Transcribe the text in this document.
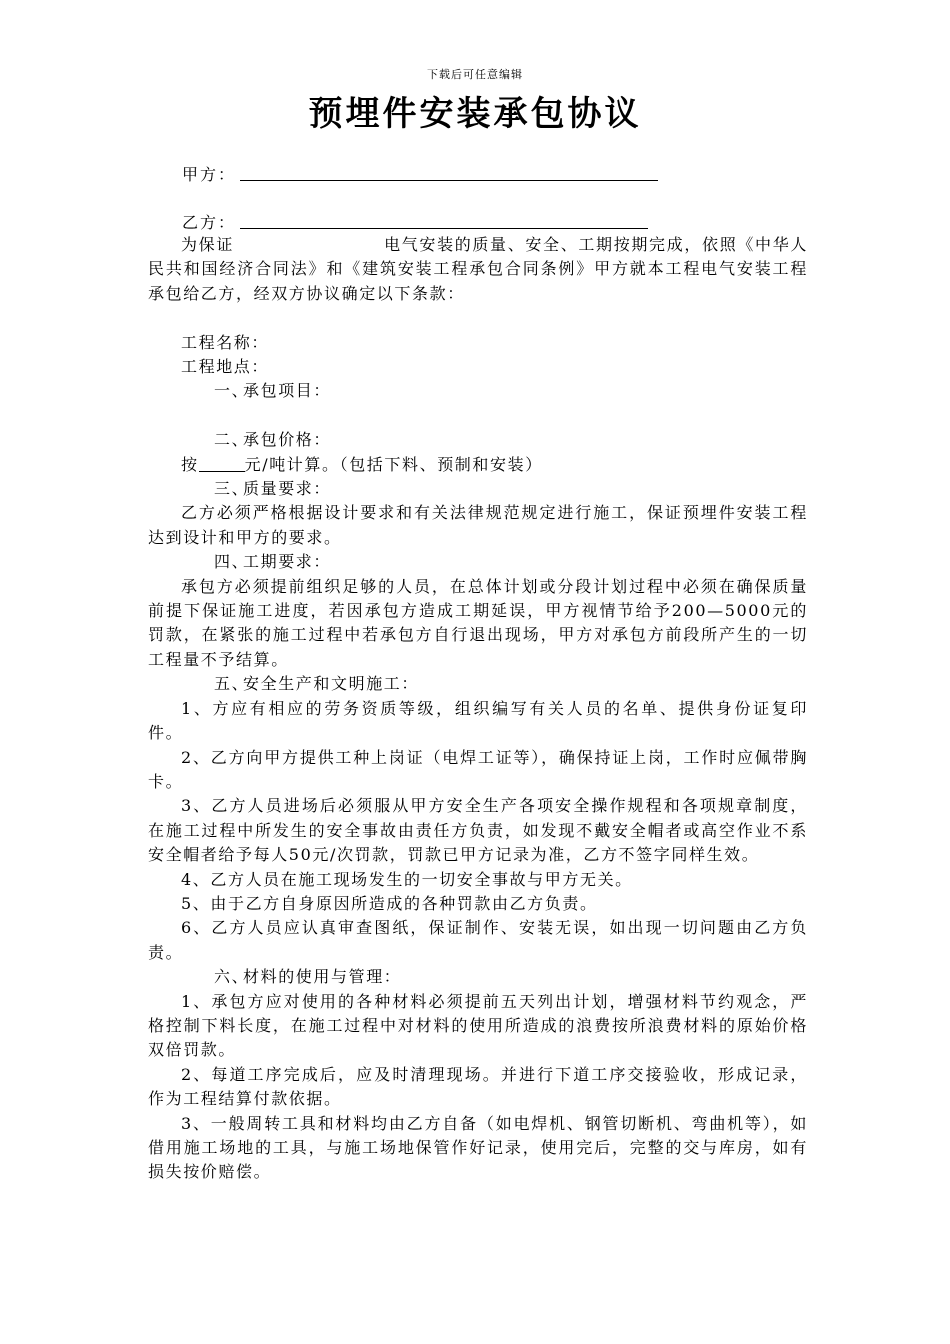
下载后可任意编辑
预埋件安装承包协议
甲方：
乙方：

为保证	电气安装的质量、安全、工期按期完成，依照《中华人民共和国经济合同法》和《建筑安装工程承包合同条例》甲方就本工程电气安装工程承包给乙方，经双方协议确定以下条款：

工程名称：

工程地点：

一、承包项目：

二、承包价格：

按	元/吨计算。（包括下料、预制和安装）

三、质量要求：

乙方必须严格根据设计要求和有关法律规范规定进行施工，保证预埋件安装工程达到设计和甲方的要求。

四、工期要求：

承包方必须提前组织足够的人员，在总体计划或分段计划过程中必须在确保质量前提下保证施工进度，若因承包方造成工期延误，甲方视情节给予200—5000元的罚款，在紧张的施工过程中若承包方自行退出现场，甲方对承包方前段所产生的一切工程量不予结算。

五、安全生产和文明施工：

1、方应有相应的劳务资质等级，组织编写有关人员的名单、提供身份证复印件。

2、乙方向甲方提供工种上岗证（电焊工证等），确保持证上岗，工作时应佩带胸卡。

3、乙方人员进场后必须服从甲方安全生产各项安全操作规程和各项规章制度，在施工过程中所发生的安全事故由责任方负责，如发现不戴安全帽者或高空作业不系安全帽者给予每人50元/次罚款，罚款已甲方记录为准，乙方不签字同样生效。

4、乙方人员在施工现场发生的一切安全事故与甲方无关。

5、由于乙方自身原因所造成的各种罚款由乙方负责。

6、乙方人员应认真审查图纸，保证制作、安装无误，如出现一切问题由乙方负责。

六、材料的使用与管理：

1、承包方应对使用的各种材料必须提前五天列出计划，增强材料节约观念，严格控制下料长度，在施工过程中对材料的使用所造成的浪费按所浪费材料的原始价格双倍罚款。

2、每道工序完成后，应及时清理现场。并进行下道工序交接验收，形成记录，作为工程结算付款依据。

3、一般周转工具和材料均由乙方自备（如电焊机、钢管切断机、弯曲机等），如借用施工场地的工具，与施工场地保管作好记录，使用完后，完整的交与库房，如有损失按价赔偿。
